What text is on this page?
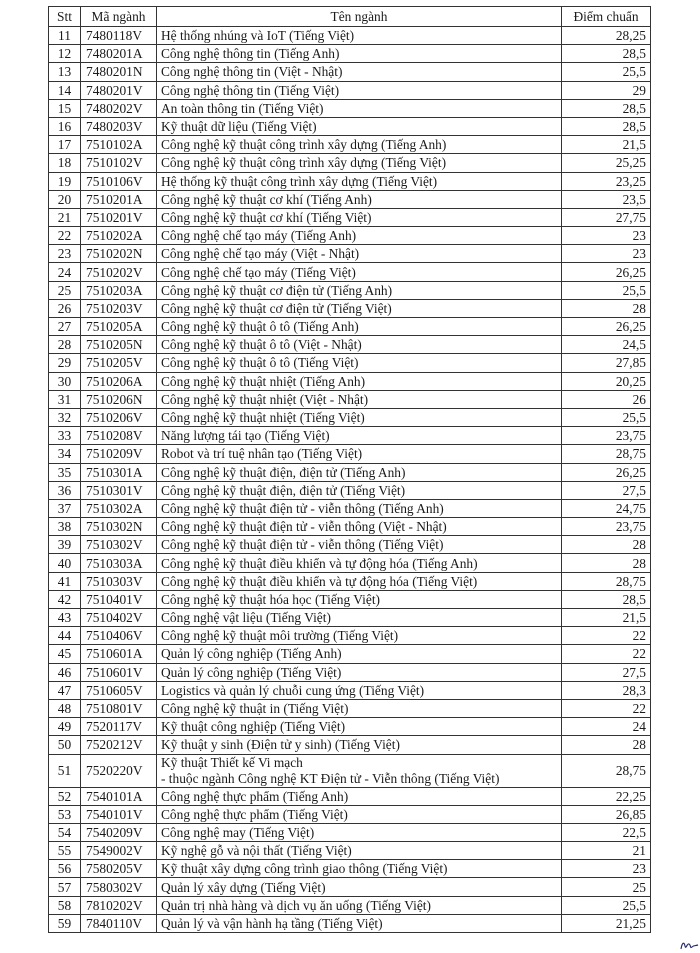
Stt	Mã ngành	Tên ngành	Điểm chuẩn
11	7480118V	Hệ thống nhúng và IoT (Tiếng Việt)	28,25
12	7480201A	Công nghệ thông tin (Tiếng Anh)	28,5
13	7480201N	Công nghệ thông tin (Việt - Nhật)	25,5
14	7480201V	Công nghệ thông tin (Tiếng Việt)	29
15	7480202V	An toàn thông tin (Tiếng Việt)	28,5
16	7480203V	Kỹ thuật dữ liệu (Tiếng Việt)	28,5
17	7510102A	Công nghệ kỹ thuật công trình xây dựng (Tiếng Anh)	21,5
18	7510102V	Công nghệ kỹ thuật công trình xây dựng (Tiếng Việt)	25,25
19	7510106V	Hệ thống kỹ thuật công trình xây dựng (Tiếng Việt)	23,25
20	7510201A	Công nghệ kỹ thuật cơ khí (Tiếng Anh)	23,5
21	7510201V	Công nghệ kỹ thuật cơ khí (Tiếng Việt)	27,75
22	7510202A	Công nghệ chế tạo máy (Tiếng Anh)	23
23	7510202N	Công nghệ chế tạo máy (Việt - Nhật)	23
24	7510202V	Công nghệ chế tạo máy (Tiếng Việt)	26,25
25	7510203A	Công nghệ kỹ thuật cơ điện tử (Tiếng Anh)	25,5
26	7510203V	Công nghệ kỹ thuật cơ điện tử (Tiếng Việt)	28
27	7510205A	Công nghệ kỹ thuật ô tô (Tiếng Anh)	26,25
28	7510205N	Công nghệ kỹ thuật ô tô (Việt - Nhật)	24,5
29	7510205V	Công nghệ kỹ thuật ô tô (Tiếng Việt)	27,85
30	7510206A	Công nghệ kỹ thuật nhiệt (Tiếng Anh)	20,25
31	7510206N	Công nghệ kỹ thuật nhiệt (Việt - Nhật)	26
32	7510206V	Công nghệ kỹ thuật nhiệt (Tiếng Việt)	25,5
33	7510208V	Năng lượng tái tạo (Tiếng Việt)	23,75
34	7510209V	Robot và trí tuệ nhân tạo (Tiếng Việt)	28,75
35	7510301A	Công nghệ kỹ thuật điện, điện tử (Tiếng Anh)	26,25
36	7510301V	Công nghệ kỹ thuật điện, điện tử (Tiếng Việt)	27,5
37	7510302A	Công nghệ kỹ thuật điện tử - viễn thông (Tiếng Anh)	24,75
38	7510302N	Công nghệ kỹ thuật điện tử - viễn thông (Việt - Nhật)	23,75
39	7510302V	Công nghệ kỹ thuật điện tử - viễn thông (Tiếng Việt)	28
40	7510303A	Công nghệ kỹ thuật điều khiển và tự động hóa (Tiếng Anh)	28
41	7510303V	Công nghệ kỹ thuật điều khiển và tự động hóa (Tiếng Việt)	28,75
42	7510401V	Công nghệ kỹ thuật hóa học (Tiếng Việt)	28,5
43	7510402V	Công nghệ vật liệu (Tiếng Việt)	21,5
44	7510406V	Công nghệ kỹ thuật môi trường (Tiếng Việt)	22
45	7510601A	Quản lý công nghiệp (Tiếng Anh)	22
46	7510601V	Quản lý công nghiệp (Tiếng Việt)	27,5
47	7510605V	Logistics và quản lý chuỗi cung ứng (Tiếng Việt)	28,3
48	7510801V	Công nghệ kỹ thuật in (Tiếng Việt)	22
49	7520117V	Kỹ thuật công nghiệp (Tiếng Việt)	24
50	7520212V	Kỹ thuật y sinh (Điện tử y sinh) (Tiếng Việt)	28
51	7520220V	Kỹ thuật Thiết kế Vi mạch
- thuộc ngành Công nghệ KT Điện tử - Viễn thông (Tiếng Việt)	28,75
52	7540101A	Công nghệ thực phẩm (Tiếng Anh)	22,25
53	7540101V	Công nghệ thực phẩm (Tiếng Việt)	26,85
54	7540209V	Công nghệ may (Tiếng Việt)	22,5
55	7549002V	Kỹ nghệ gỗ và nội thất (Tiếng Việt)	21
56	7580205V	Kỹ thuật xây dựng công trình giao thông (Tiếng Việt)	23
57	7580302V	Quản lý xây dựng (Tiếng Việt)	25
58	7810202V	Quản trị nhà hàng và dịch vụ ăn uống (Tiếng Việt)	25,5
59	7840110V	Quản lý và vận hành hạ tầng (Tiếng Việt)	21,25
